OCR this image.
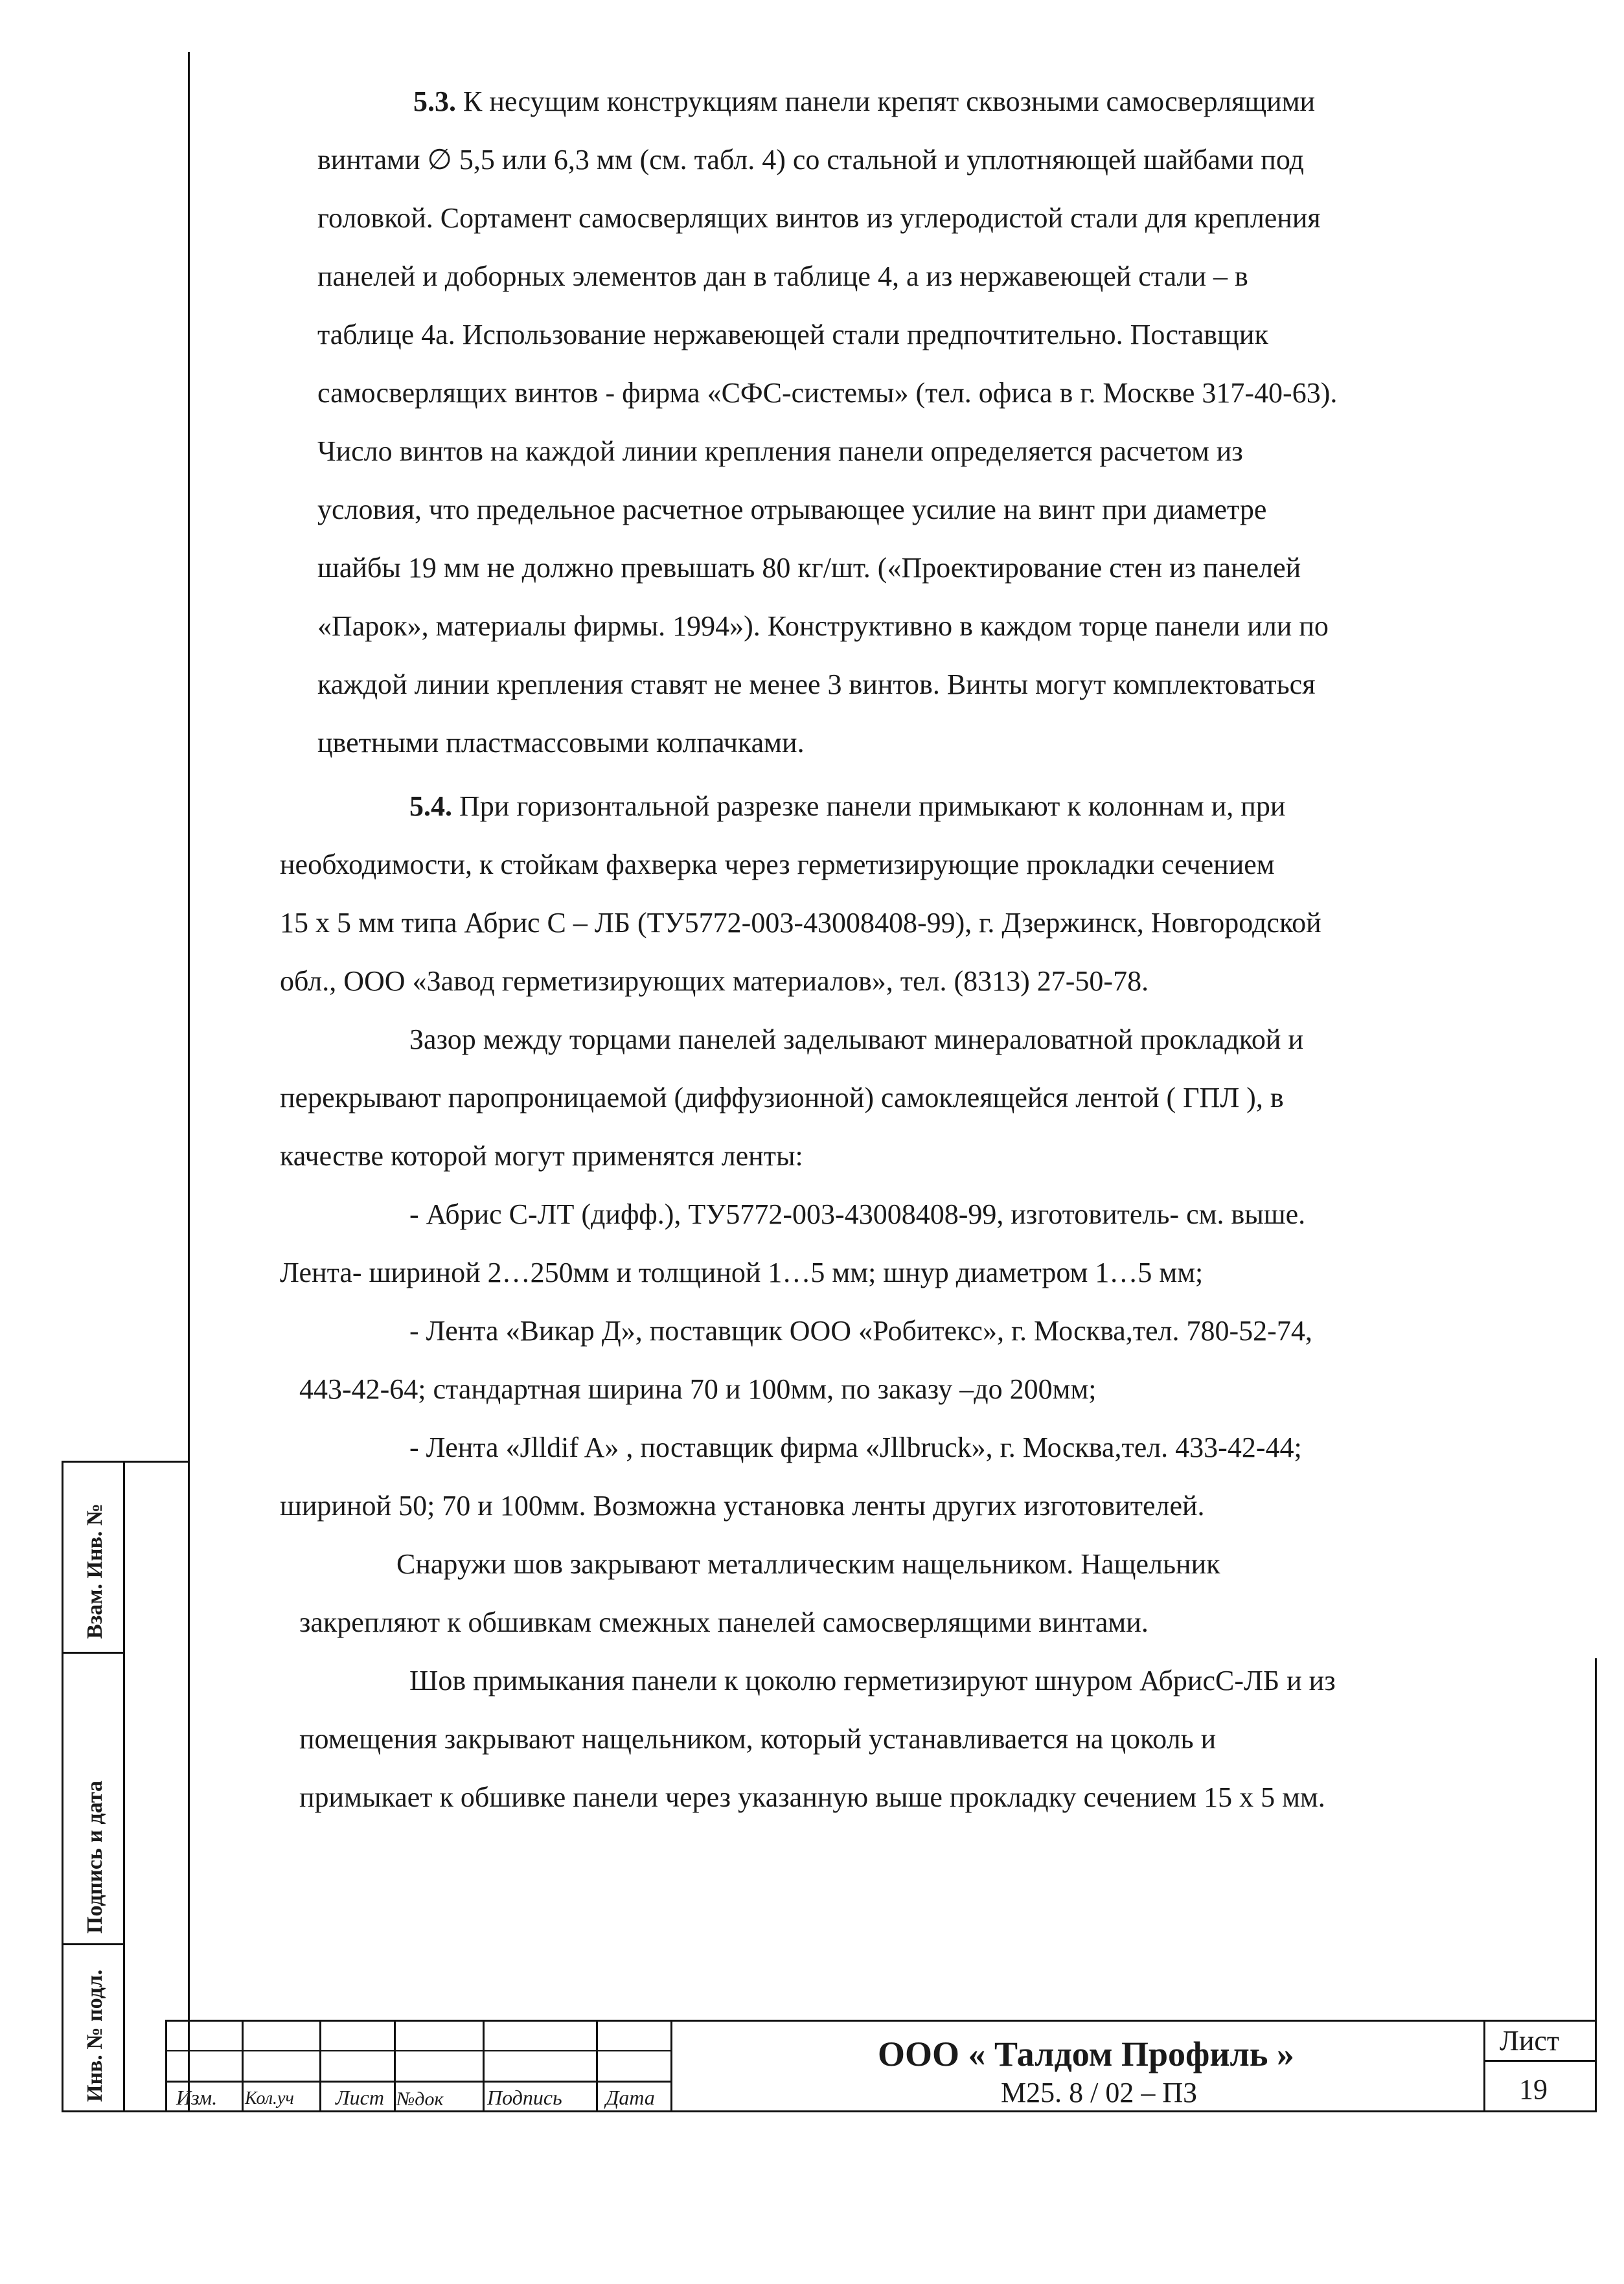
Взам. Инв. №
Подпись и дата
Инв. № подл.
5.3. К несущим конструкциям панели крепят сквозными самосверлящими
винтами ∅ 5,5 или 6,3 мм (см. табл. 4) со стальной и уплотняющей шайбами под
головкой. Сортамент самосверлящих винтов из углеродистой стали для крепления
панелей и доборных элементов дан в таблице 4, а из нержавеющей стали – в
таблице 4а. Использование нержавеющей стали предпочтительно. Поставщик
самосверлящих винтов - фирма «СФС-системы» (тел. офиса в г. Москве 317-40-63).
Число винтов на каждой линии крепления панели определяется расчетом из
условия, что предельное расчетное отрывающее усилие на винт при диаметре
шайбы 19 мм не должно превышать 80 кг/шт. («Проектирование стен из панелей
«Парок», материалы фирмы. 1994»). Конструктивно в каждом торце панели или по
каждой линии крепления ставят не менее 3 винтов. Винты могут комплектоваться
цветными пластмассовыми колпачками.
5.4. При горизонтальной разрезке панели примыкают к колоннам и, при
необходимости, к стойкам фахверка через герметизирующие прокладки сечением
15 х 5 мм типа Абрис С – ЛБ (ТУ5772-003-43008408-99), г. Дзержинск, Новгородской
обл., ООО «Завод герметизирующих материалов», тел. (8313) 27-50-78.
Зазор между торцами панелей заделывают минераловатной прокладкой и
перекрывают паропроницаемой (диффузионной) самоклеящейся лентой ( ГПЛ ), в
качестве которой могут применятся ленты:
- Абрис С-ЛТ (дифф.), ТУ5772-003-43008408-99, изготовитель- см. выше.
Лента- шириной 2…250мм и толщиной 1…5 мм; шнур диаметром 1…5 мм;
- Лента «Викар Д», поставщик ООО «Робитекс», г. Москва,тел. 780-52-74,
443-42-64; стандартная ширина 70 и 100мм, по заказу –до 200мм;
- Лента «Jlldif A» , поставщик фирма «Jllbruck», г. Москва,тел. 433-42-44;
шириной 50; 70 и 100мм. Возможна установка ленты других изготовителей.
Снаружи шов закрывают металлическим нащельником. Нащельник
закрепляют к обшивкам смежных панелей самосверлящими винтами.
Шов примыкания панели к цоколю герметизируют шнуром АбрисС-ЛБ и из
помещения закрывают нащельником, который устанавливается на цоколь и
примыкает к обшивке панели через указанную выше прокладку сечением 15 х 5 мм.
Изм. Кол.уч Лист №док Подпись Дата
ООО « Талдом Профиль »
М25. 8 / 02 – ПЗ
Лист
19
